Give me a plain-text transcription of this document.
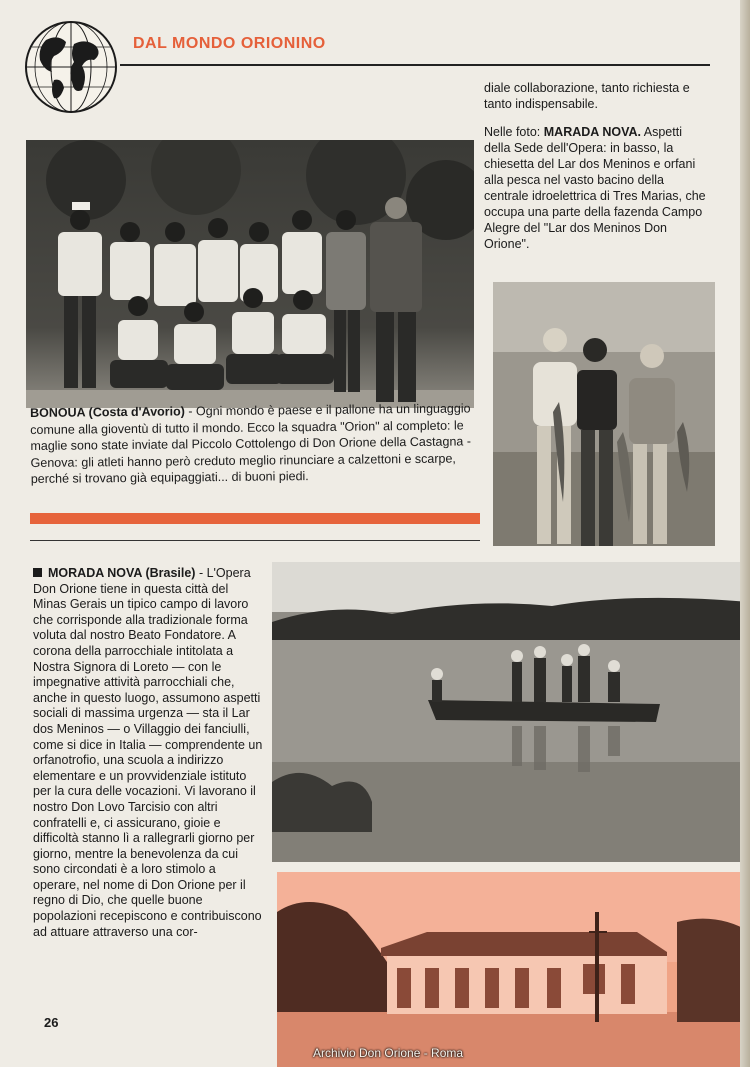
DAL MONDO ORIONINO
BONOUA (Costa d'Avorio) - Ogni mondo è paese e il pallone ha un linguaggio comune alla gioventù di tutto il mondo. Ecco la squadra "Orion" al completo: le maglie sono state inviate dal Piccolo Cottolengo di Don Orione della Castagna - Genova: gli atleti hanno però creduto meglio rinunciare a calzettoni e scarpe, perché si trovano già equipaggiati... di buoni piedi.

diale collaborazione, tanto richiesta e tanto indispensabile.

Nelle foto: MARADA NOVA. Aspetti della Sede dell'Opera: in basso, la chiesetta del Lar dos Meninos e orfani alla pesca nel vasto bacino della centrale idroelettrica di Tres Marias, che occupa una parte della fazenda Campo Alegre del "Lar dos Meninos Don Orione".

MORADA NOVA (Brasile) - L'Opera Don Orione tiene in questa città del Minas Gerais un tipico campo di lavoro che corrisponde alla tradizionale forma voluta dal nostro Beato Fondatore. A corona della parrocchiale intitolata a Nostra Signora di Loreto — con le impegnative attività parrocchiali che, anche in questo luogo, assumono aspetti sociali di massima urgenza — sta il Lar dos Meninos — o Villaggio dei fanciulli, come si dice in Italia — comprendente un orfanotrofio, una scuola a indirizzo elementare e un provvidenziale istituto per la cura delle vocazioni. Vi lavorano il nostro Don Lovo Tarcisio con altri confratelli e, ci assicurano, gioie e difficoltà stanno lì a rallegrarli giorno per giorno, mentre la benevolenza da cui sono circondati è a loro stimolo a operare, nel nome di Don Orione per il regno di Dio, che quelle buone popolazioni recepiscono e contribuiscono ad attuare attraverso una cor-
26
Archivio Don Orione - Roma
